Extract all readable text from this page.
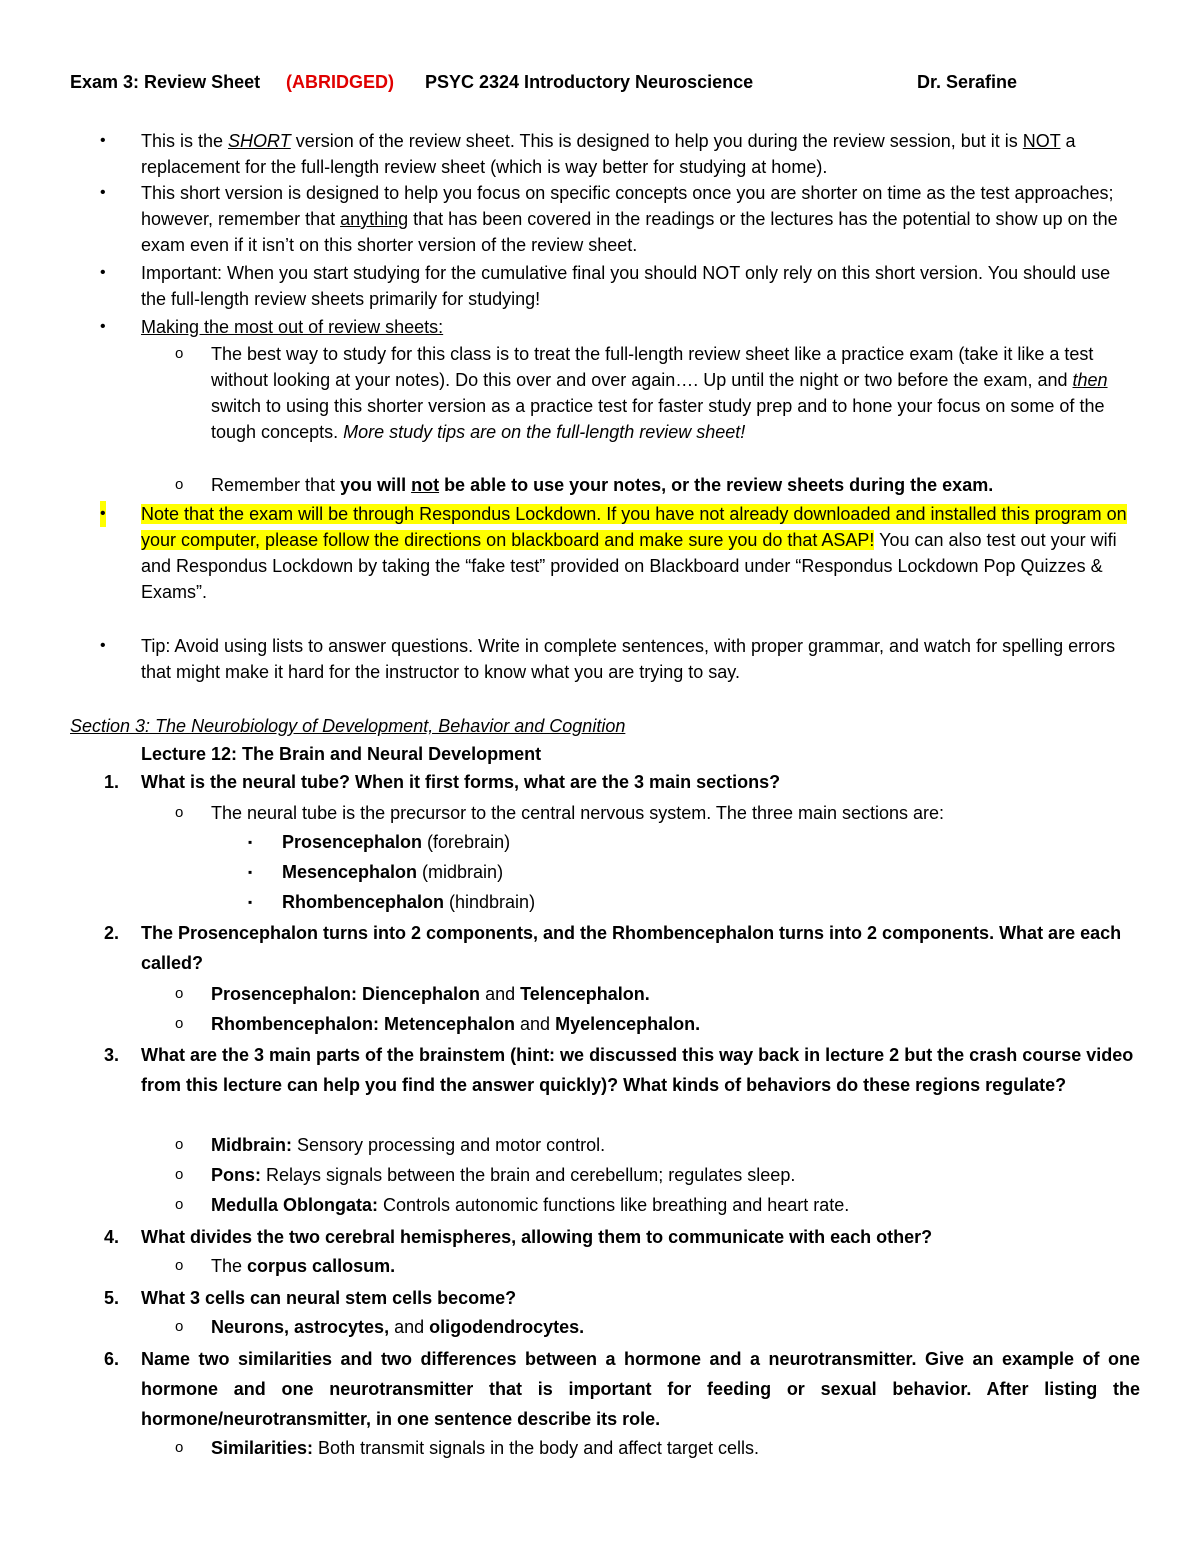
Exam 3: Review Sheet (ABRIDGED) PSYC 2324 Introductory Neuroscience	Dr. Serafine
• This is the SHORT version of the review sheet. This is designed to help you during the review session, but it is NOT a replacement for the full-length review sheet (which is way better for studying at home).
• This short version is designed to help you focus on specific concepts once you are shorter on time as the test approaches; however, remember that anything that has been covered in the readings or the lectures has the potential to show up on the exam even if it isn’t on this shorter version of the review sheet.
• Important: When you start studying for the cumulative final you should NOT only rely on this short version. You should use the full-length review sheets primarily for studying!
• Making the most out of review sheets:
o The best way to study for this class is to treat the full-length review sheet like a practice exam (take it like a test without looking at your notes). Do this over and over again…. Up until the night or two before the exam, and then switch to using this shorter version as a practice test for faster study prep and to hone your focus on some of the tough concepts. More study tips are on the full-length review sheet!
o Remember that you will not be able to use your notes, or the review sheets during the exam.
• Note that the exam will be through Respondus Lockdown. If you have not already downloaded and installed this program on your computer, please follow the directions on blackboard and make sure you do that ASAP! You can also test out your wifi and Respondus Lockdown by taking the “fake test” provided on Blackboard under “Respondus Lockdown Pop Quizzes & Exams”.
• Tip: Avoid using lists to answer questions. Write in complete sentences, with proper grammar, and watch for spelling errors that might make it hard for the instructor to know what you are trying to say.
Section 3: The Neurobiology of Development, Behavior and Cognition
Lecture 12: The Brain and Neural Development
1. What is the neural tube? When it first forms, what are the 3 main sections?
o The neural tube is the precursor to the central nervous system. The three main sections are:
▪ Prosencephalon (forebrain)
▪ Mesencephalon (midbrain)
▪ Rhombencephalon (hindbrain)
2. The Prosencephalon turns into 2 components, and the Rhombencephalon turns into 2 components. What are each called?
o Prosencephalon: Diencephalon and Telencephalon.
o Rhombencephalon: Metencephalon and Myelencephalon.
3. What are the 3 main parts of the brainstem (hint: we discussed this way back in lecture 2 but the crash course video from this lecture can help you find the answer quickly)? What kinds of behaviors do these regions regulate?
o Midbrain: Sensory processing and motor control.
o Pons: Relays signals between the brain and cerebellum; regulates sleep.
o Medulla Oblongata: Controls autonomic functions like breathing and heart rate.
4. What divides the two cerebral hemispheres, allowing them to communicate with each other?
o The corpus callosum.
5. What 3 cells can neural stem cells become?
o Neurons, astrocytes, and oligodendrocytes.
6. Name two similarities and two differences between a hormone and a neurotransmitter. Give an example of one hormone and one neurotransmitter that is important for feeding or sexual behavior. After listing the hormone/neurotransmitter, in one sentence describe its role.
o Similarities: Both transmit signals in the body and affect target cells.
